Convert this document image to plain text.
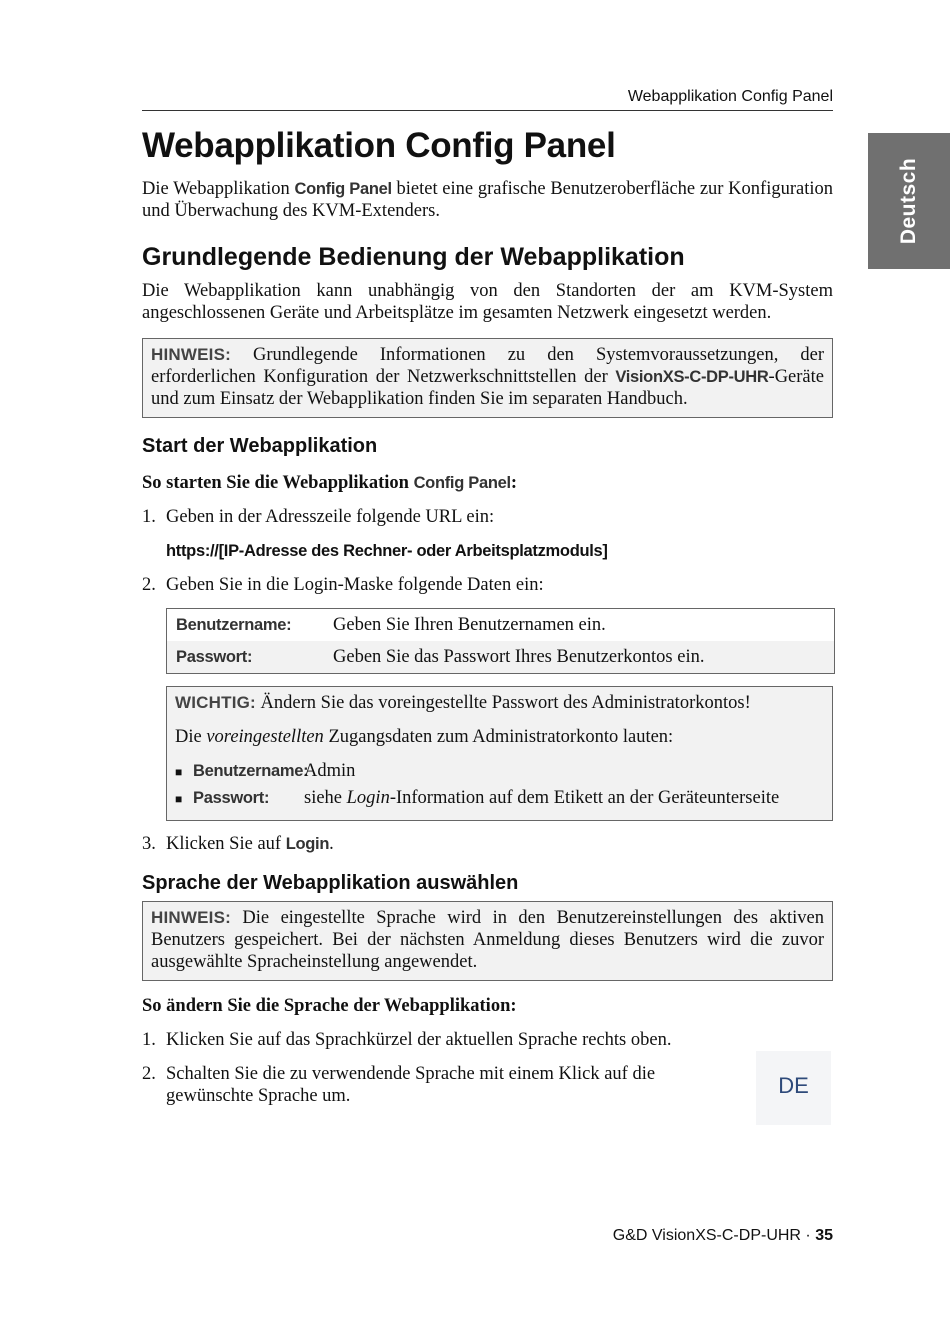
Webapplikation Config Panel
Deutsch
Webapplikation Config Panel

Die Webapplikation Config Panel bietet eine grafische Benutzeroberfläche zur Konfiguration und Überwachung des KVM-Extenders.

Grundlegende Bedienung der Webapplikation

Die Webapplikation kann unabhängig von den Standorten der am KVM-System angeschlossenen Geräte und Arbeitsplätze im gesamten Netzwerk eingesetzt werden.

HINWEIS: Grundlegende Informationen zu den Systemvoraussetzungen, der erforderlichen Konfiguration der Netzwerkschnittstellen der VisionXS-C-DP-UHR-Geräte und zum Einsatz der Webapplikation finden Sie im separaten Handbuch.
Start der Webapplikation

So starten Sie die Webapplikation Config Panel:

1. Geben in der Adresszeile folgende URL ein:
https://[IP-Adresse des Rechner- oder Arbeitsplatzmoduls]
2. Geben Sie in die Login-Maske folgende Daten ein:
Benutzername:	Geben Sie Ihren Benutzernamen ein.
Passwort:	Geben Sie das Passwort Ihres Benutzerkontos ein.

WICHTIG: Ändern Sie das voreingestellte Passwort des Administratorkontos!

Die voreingestellten Zugangsdaten zum Administratorkonto lauten:

■ Benutzername:
Admin
■ Passwort:	siehe Login-Information auf dem Etikett an der Geräteunterseite
3. Klicken Sie auf Login.
Sprache der Webapplikation auswählen
HINWEIS: Die eingestellte Sprache wird in den Benutzereinstellungen des aktiven Benutzers gespeichert. Bei der nächsten Anmeldung dieses Benutzers wird die zuvor ausgewählte Spracheinstellung angewendet.

So ändern Sie die Sprache der Webapplikation:

1. Klicken Sie auf das Sprachkürzel der aktuellen Sprache rechts oben.
2. Schalten Sie die zu verwendende Sprache mit einem Klick auf die gewünschte Sprache um.	DE
G&D VisionXS-C-DP-UHR · 35
